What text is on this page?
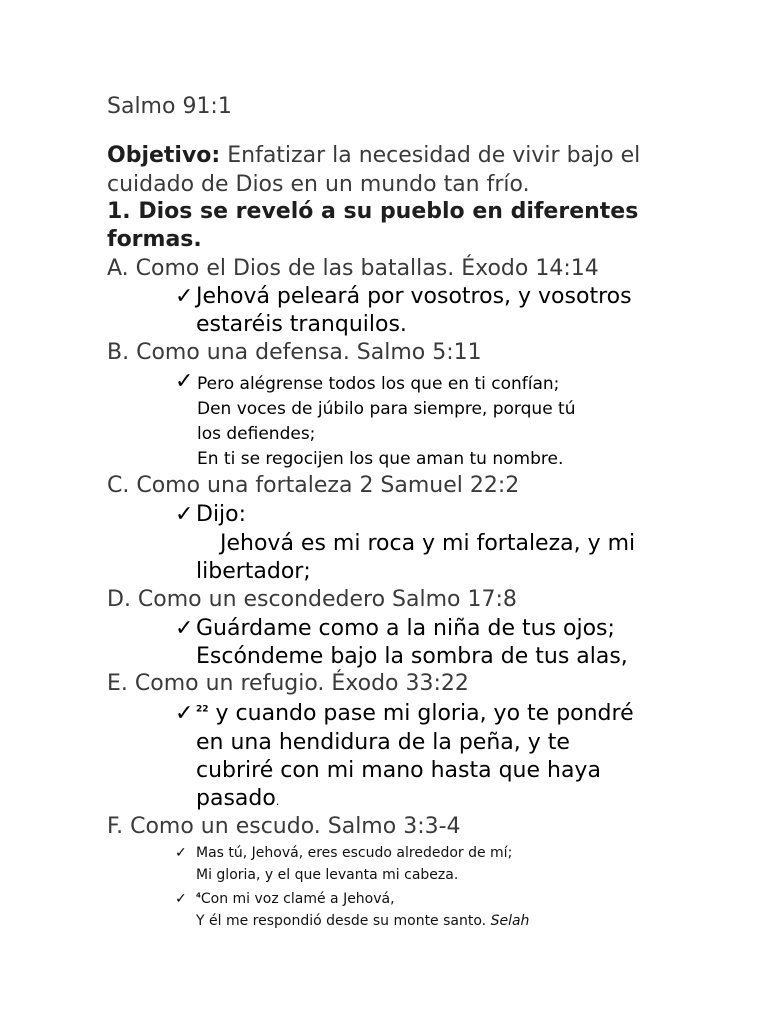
Salmo 91:1
Objetivo: Enfatizar la necesidad de vivir bajo el
cuidado de Dios en un mundo tan frío.
1. Dios se reveló a su pueblo en diferentes
formas.
A. Como el Dios de las batallas. Éxodo 14:14
✓ Jehová peleará por vosotros, y vosotros
estaréis tranquilos.
B. Como una defensa. Salmo 5:11
✓ Pero alégrense todos los que en ti confían;
Den voces de júbilo para siempre, porque tú
los defiendes;
En ti se regocijen los que aman tu nombre.
C. Como una fortaleza 2 Samuel 22:2
✓ Dijo:
Jehová es mi roca y mi fortaleza, y mi
libertador;
D. Como un escondedero Salmo 17:8
✓ Guárdame como a la niña de tus ojos;
Escóndeme bajo la sombra de tus alas,
E. Como un refugio. Éxodo 33:22
✓ $^{22}$ y cuando pase mi gloria, yo te pondré
en una hendidura de la peña, y te
cubriré con mi mano hasta que haya
pasado.
F. Como un escudo. Salmo 3:3-4
✓ Mas tú, Jehová, eres escudo alrededor de mí;
Mi gloria, y el que levanta mi cabeza.
✓ $^4$Con mi voz clamé a Jehová,
Y él me respondió desde su monte santo. Selah
